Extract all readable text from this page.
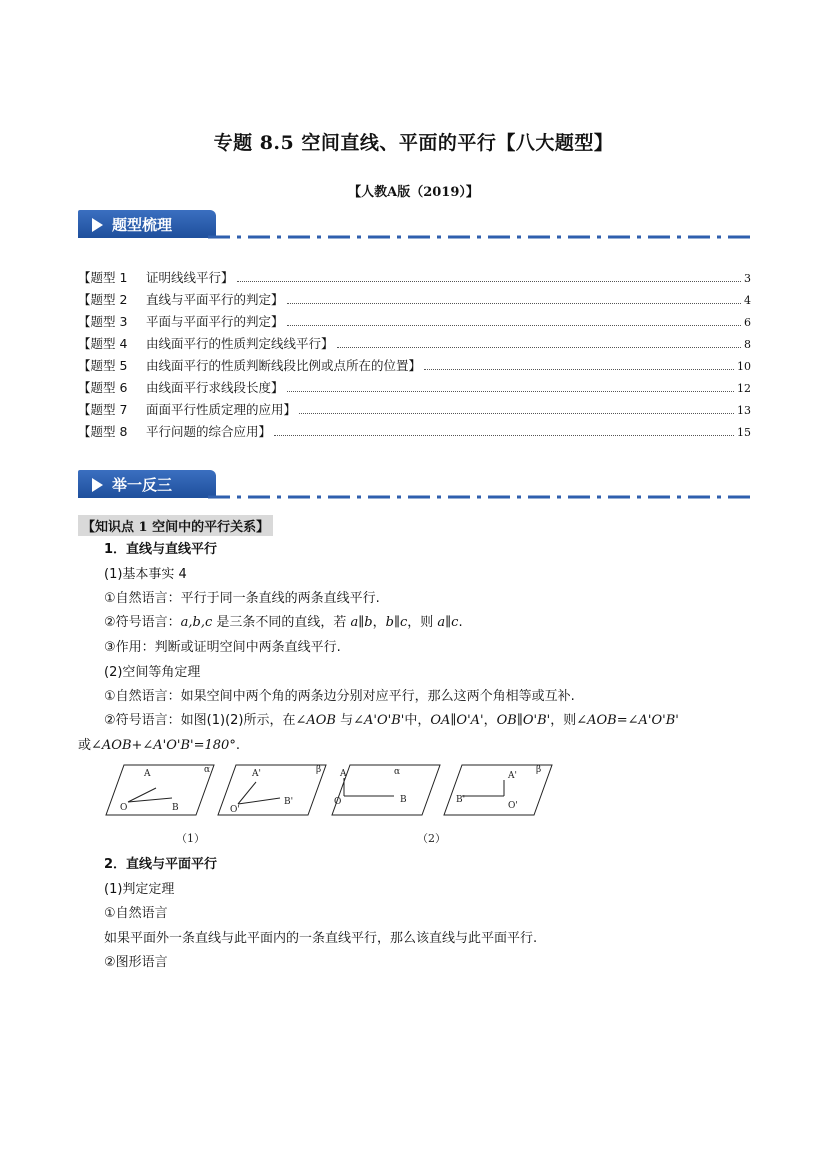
专题 8.5 空间直线、平面的平行【八大题型】
【人教A版（2019）】
题型梳理
【题型 1	证明线线平行】	3
【题型 2	直线与平面平行的判定】	4
【题型 3	平面与平面平行的判定】	6
【题型 4	由线面平行的性质判定线线平行】	8
【题型 5	由线面平行的性质判断线段比例或点所在的位置】	10
【题型 6	由线面平行求线段长度】	12
【题型 7	面面平行性质定理的应用】	13
【题型 8	平行问题的综合应用】	15
举一反三
【知识点 1 空间中的平行关系】
1．直线与直线平行
(1)基本事实 4
①自然语言：平行于同一条直线的两条直线平行.
②符号语言：a,b,c 是三条不同的直线，若 a∥b，b∥c，则 a∥c.
③作用：判断或证明空间中两条直线平行.
(2)空间等角定理
①自然语言：如果空间中两个角的两条边分别对应平行，那么这两个角相等或互补.
②符号语言：如图(1)(2)所示，在∠AOB 与∠A'O'B'中，OA∥O'A'，OB∥O'B'，则∠AOB=∠A'O'B'
或∠AOB+∠A'O'B'=180°.
A	α
O	B
A'	β
O'
B'
A	α
O	B
A'
β
O'
B'
（1）	（2）
2．直线与平面平行
(1)判定定理
①自然语言
如果平面外一条直线与此平面内的一条直线平行，那么该直线与此平面平行.
②图形语言
